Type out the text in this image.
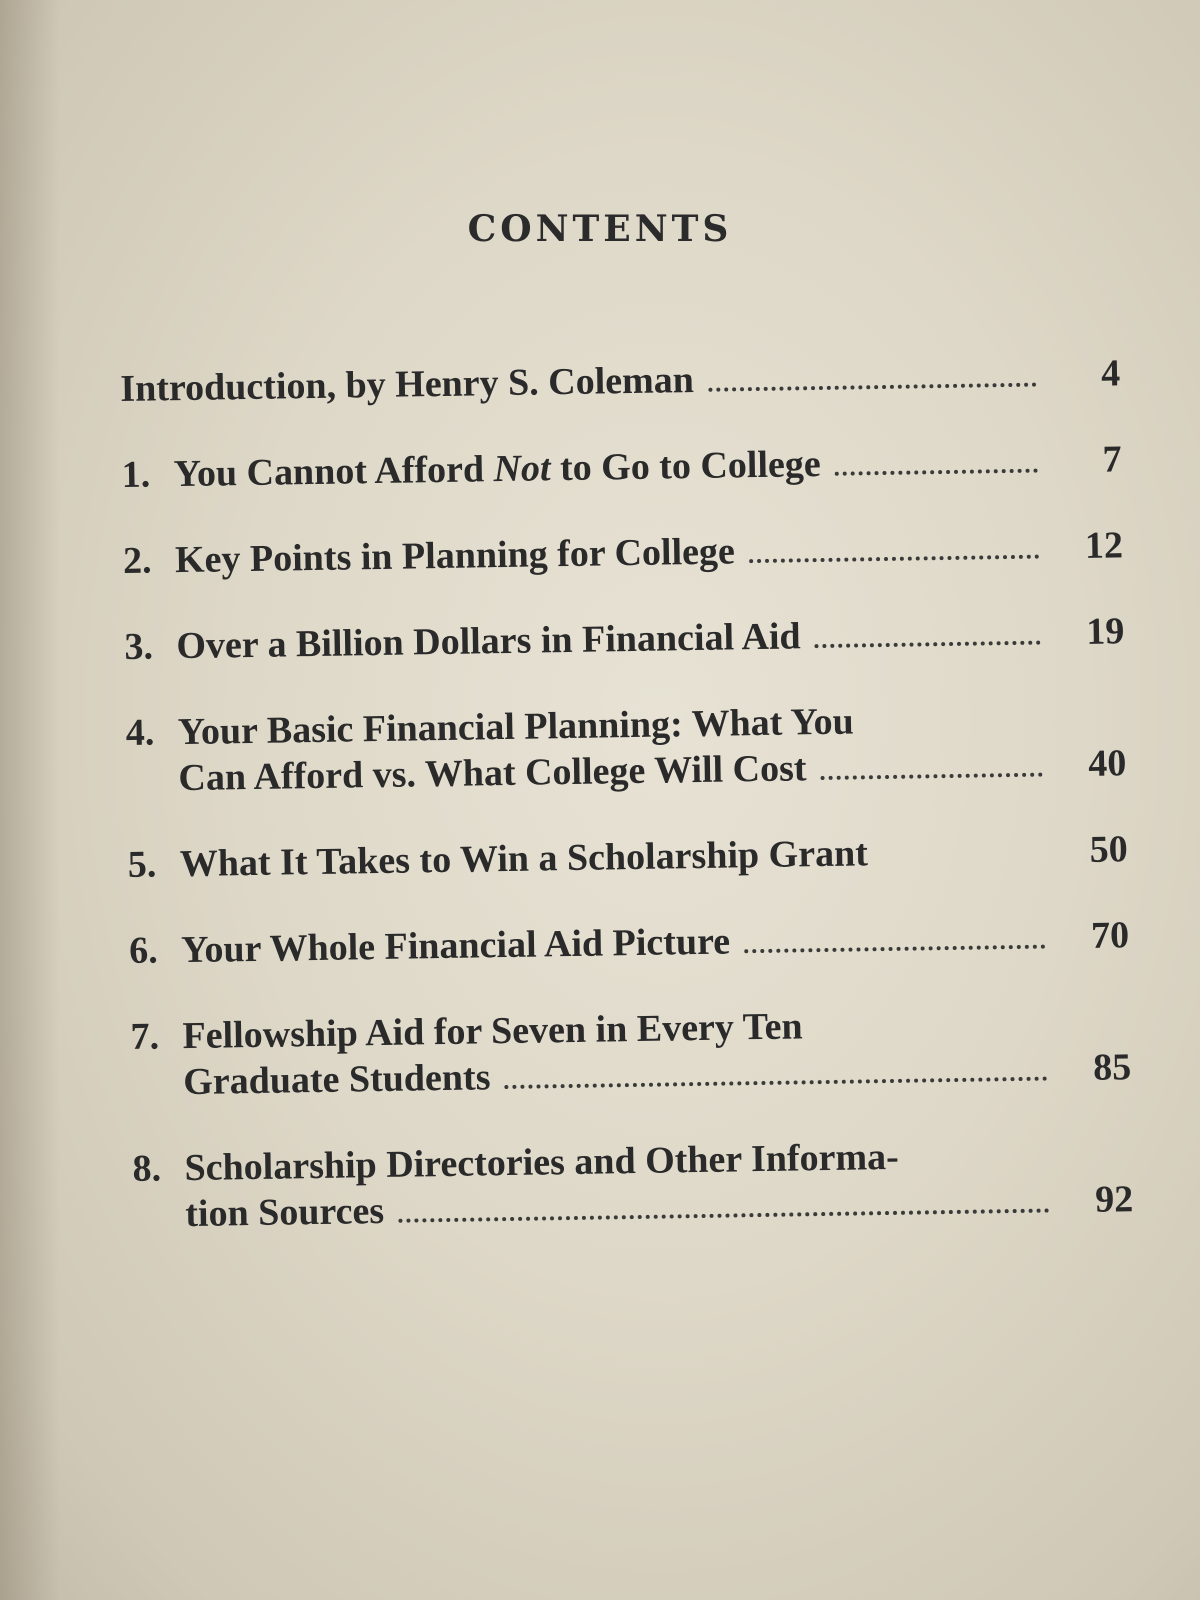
CONTENTS
Introduction, by Henry S. Coleman	4
1. You Cannot Afford Not to Go to College	7
2. Key Points in Planning for College	12
3. Over a Billion Dollars in Financial Aid	19
4. Your Basic Financial Planning: What You
Can Afford vs. What College Will Cost	40
5. What It Takes to Win a Scholarship Grant	50
6. Your Whole Financial Aid Picture	70
7. Fellowship Aid for Seven in Every Ten
Graduate Students	85
8. Scholarship Directories and Other Informa-
tion Sources	92
